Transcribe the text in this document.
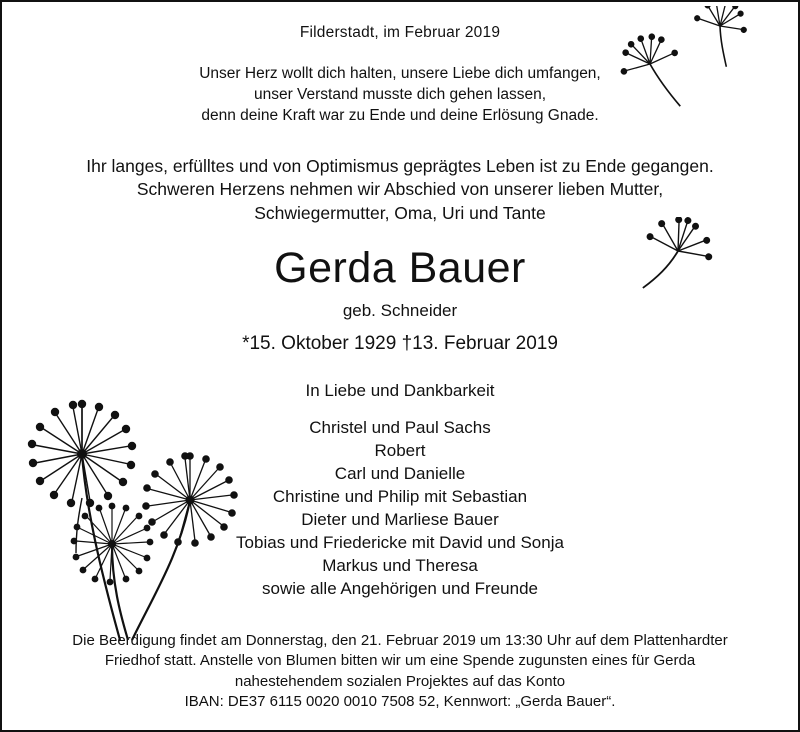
Filderstadt, im Februar 2019
Unser Herz wollt dich halten, unsere Liebe dich umfangen,
unser Verstand musste dich gehen lassen,
denn deine Kraft war zu Ende und deine Erlösung Gnade.
Ihr langes, erfülltes und von Optimismus geprägtes Leben ist zu Ende gegangen.
Schweren Herzens nehmen wir Abschied von unserer lieben Mutter,
Schwiegermutter, Oma, Uri und Tante
Gerda Bauer
geb. Schneider
*15. Oktober 1929 †13. Februar 2019
In Liebe und Dankbarkeit
Christel und Paul Sachs
Robert
Carl und Danielle
Christine und Philip mit Sebastian
Dieter und Marliese Bauer
Tobias und Friedericke mit David und Sonja
Markus und Theresa
sowie alle Angehörigen und Freunde
Die Beerdigung findet am Donnerstag, den 21. Februar 2019 um 13:30 Uhr auf dem Plattenhardter
Friedhof statt. Anstelle von Blumen bitten wir um eine Spende zugunsten eines für Gerda
nahestehendem sozialen Projektes auf das Konto
IBAN: DE37 6115 0020 0010 7508 52, Kennwort: „Gerda Bauer“.
